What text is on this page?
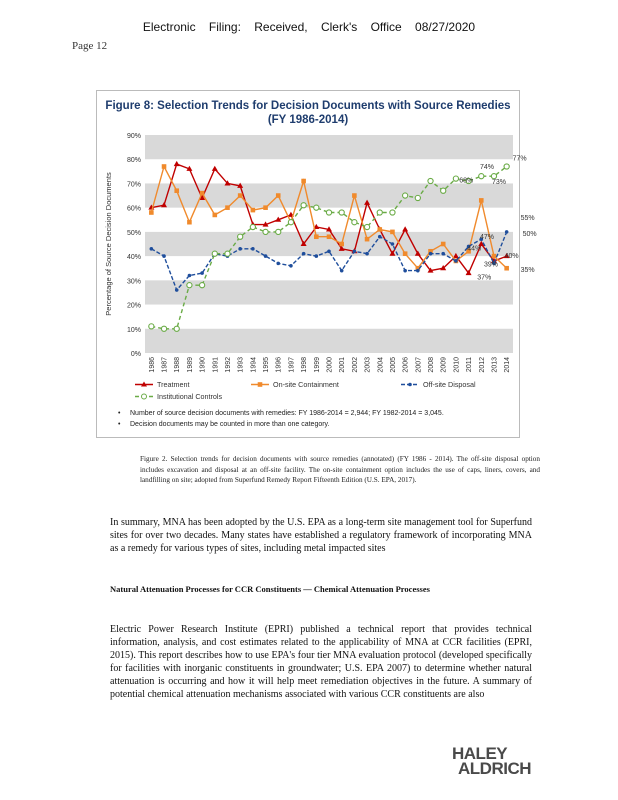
Electronic Filing: Received, Clerk's Office 08/27/2020
Page 12
Figure 8: Selection Trends for Decision Documents with Source Remedies
(FY 1986-2014)
0%
10%
20%
30%
40%
50%
60%
70%
80%
90%
Percentage of Source Decision Documents
1986 1987 1988 1989 1990 1991 1992 1993 1994 1995 1996 1997 1998 1999 2000 2001 2002 2003 2004 2005 2006 2007 2008 2009 2010 2011 2012 2013 2014
74%
73%
77%
68%
55%
50%
47%
40%
35%
44%
39%
37%
Treatment	On-site Containment	Off-site Disposal
Institutional Controls
• Number of source decision documents with remedies: FY 1986-2014 = 2,944; FY 1982-2014 = 3,045.
• Decision documents may be counted in more than one category.
Figure 2. Selection trends for decision documents with source remedies (annotated) (FY 1986 - 2014). The off-site disposal option includes excavation and disposal at an off-site facility. The on-site containment option includes the use of caps, liners, covers, and landfilling on site; adopted from Superfund Remedy Report Fifteenth Edition (U.S. EPA, 2017).
In summary, MNA has been adopted by the U.S. EPA as a long-term site management tool for Superfund sites for over two decades. Many states have established a regulatory framework of incorporating MNA as a remedy for various types of sites, including metal impacted sites
Natural Attenuation Processes for CCR Constituents — Chemical Attenuation Processes
Electric Power Research Institute (EPRI) published a technical report that provides technical information, analysis, and cost estimates related to the applicability of MNA at CCR facilities (EPRI, 2015). This report describes how to use EPA's four tier MNA evaluation protocol (developed specifically for facilities with inorganic constituents in groundwater; U.S. EPA 2007) to determine whether natural attenuation is occurring and how it will help meet remediation objectives in the future. A summary of potential chemical attenuation mechanisms associated with various CCR constituents are also
HALEY
ALDRICH
